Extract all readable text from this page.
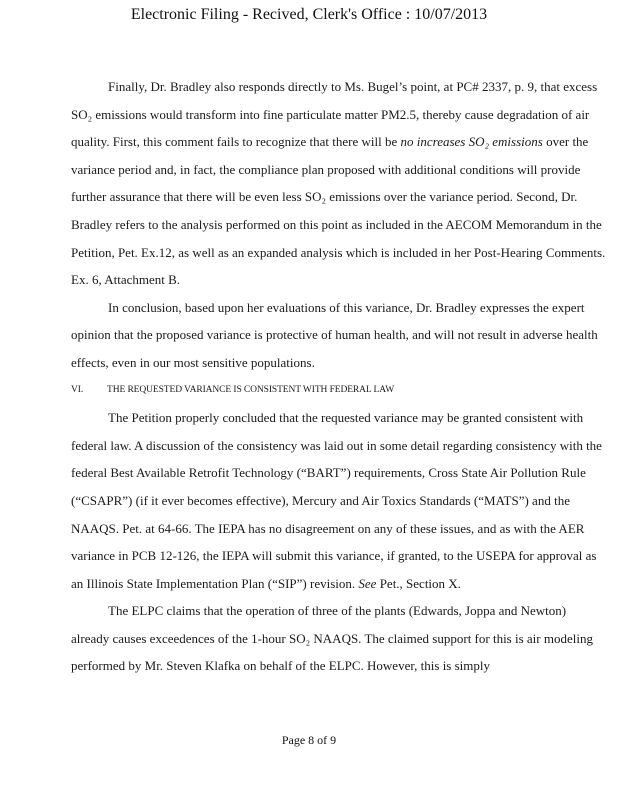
Electronic Filing - Recived, Clerk's Office : 10/07/2013

Finally, Dr. Bradley also responds directly to Ms. Bugel’s point, at PC# 2337, p. 9, that excess SO₂ emissions would transform into fine particulate matter PM2.5, thereby cause degradation of air quality. First, this comment fails to recognize that there will be no increases SO₂ emissions over the variance period and, in fact, the compliance plan proposed with additional conditions will provide further assurance that there will be even less SO₂ emissions over the variance period. Second, Dr. Bradley refers to the analysis performed on this point as included in the AECOM Memorandum in the Petition, Pet. Ex.12, as well as an expanded analysis which is included in her Post-Hearing Comments. Ex. 6, Attachment B.

In conclusion, based upon her evaluations of this variance, Dr. Bradley expresses the expert opinion that the proposed variance is protective of human health, and will not result in adverse health effects, even in our most sensitive populations.

VI.	THE REQUESTED VARIANCE IS CONSISTENT WITH FEDERAL LAW

The Petition properly concluded that the requested variance may be granted consistent with federal law. A discussion of the consistency was laid out in some detail regarding consistency with the federal Best Available Retrofit Technology (“BART”) requirements, Cross State Air Pollution Rule (“CSAPR”) (if it ever becomes effective), Mercury and Air Toxics Standards (“MATS”) and the NAAQS. Pet. at 64-66. The IEPA has no disagreement on any of these issues, and as with the AER variance in PCB 12-126, the IEPA will submit this variance, if granted, to the USEPA for approval as an Illinois State Implementation Plan (“SIP”) revision. See Pet., Section X.

The ELPC claims that the operation of three of the plants (Edwards, Joppa and Newton) already causes exceedences of the 1-hour SO₂ NAAQS. The claimed support for this is air modeling performed by Mr. Steven Klafka on behalf of the ELPC. However, this is simply

Page 8 of 9
